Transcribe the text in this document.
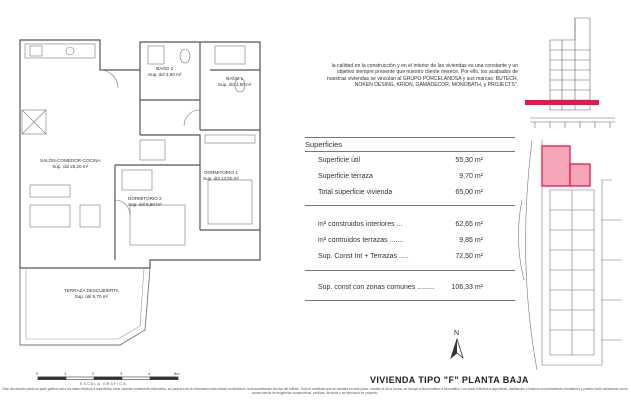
BAÑO 2
Sup. útil 3,50 m²
BAÑO 1
Sup. útil 3,50 m²
SALÓN-COMEDOR-COCINA
Sup. útil 25,20 m²
DORMITORIO 1
Sup. útil 13,50 m²
DORMITORIO 2
Sup. útil 9,60 m²
TERRAZA DESCUBIERTA
Sup. útil 9,70 m²
0	1	2	3	4	5m
ESCALA GRÁFICA
la calidad en la construcción y en el interior de las viviendas es una constante y un objetivo siempre presente que nuestro cliente merece. Por ello, los acabados de nuestras viviendas se vinculan al GRUPO PORCELANOSA y sus marcas: BUTECH, NOKEN DESING, KRION, GAMADECOR, MONOBATH, y PROJECTS".
Superficies
Superficie útil	55,30 m²
Superficie terraza	9,70 m²
Total superficie vivienda	65,00 m²
m² construidos interiores ...	62,65 m²
m² contruidos terrazas .......	9,85 m²
Sup. Const Int + Terrazas .....	72,50 m²
Sup. const con zonas comunes ......... 106,33 m²
N
VIVIENDA TIPO "F" PLANTA BAJA
Este documento (tanto su parte gráfica como los datos relativos a superficies) tiene carácter meramente informativo, sin perjuicio de la información más exacta contenida en la documentación técnica del edificio. Todo el mobiliario que se muestra en este plano, incluido el de la cocina, se incluye a título estético e informativo. Los datos referidos a superficies, distribución y linderos son meramente orientativos y pueden sufrir variaciones como consecuencia de exigencias constructivas, jurídicas, técnicas o de ejecución de proyecto.
